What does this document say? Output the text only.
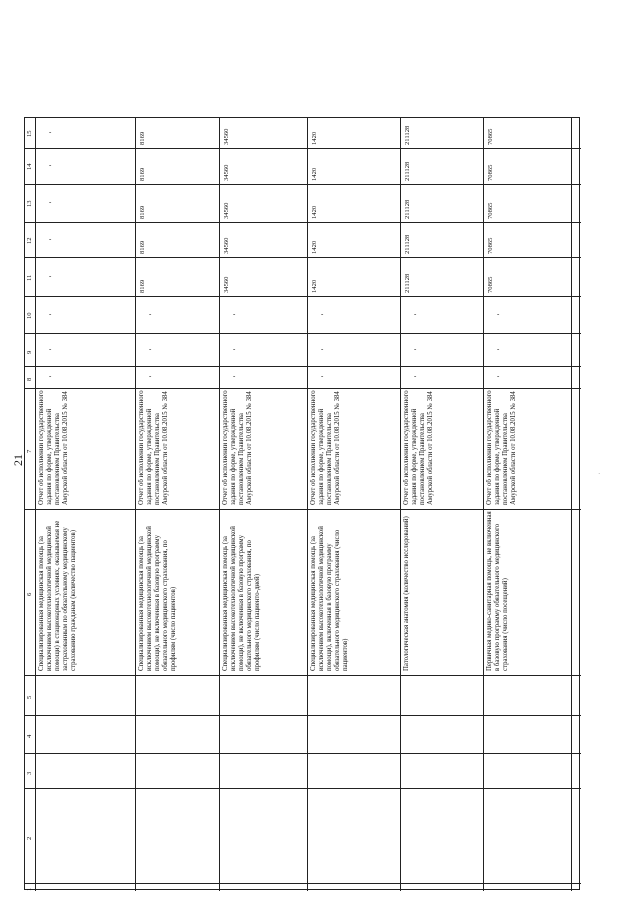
21
1
2
3
4
5
6
7
8
9
10
11
12
13
14
15
Специализированная медицинская помощь (за исключением высокотехнологичной медицинской помощи) в стационарных условиях, оказываемая не застрахованным по обязательному медицинскому страхованию гражданам (количество пациентов)
Отчет об исполнении государственного задания по форме, утвержденной постановлением Правительства Амурской области от 10.08.2015 № 384
-
-
-
-
-
-
-
-
Специализированная медицинская помощь (за исключением высокотехнологичной медицинской помощи), не включенная в базовую программу обязательного медицинского страхования, по профилям (число пациентов)
Отчет об исполнении государственного задания по форме, утвержденной постановлением Правительства Амурской области от 10.08.2015 № 384
-
-
-
8169
8169
8169
8169
8169
Специализированная медицинская помощь (за исключением высокотехнологичной медицинской помощи), не включенная в базовую программу обязательного медицинского страхования, по профилям (число пациенто-дней)
Отчет об исполнении государственного задания по форме, утвержденной постановлением Правительства Амурской области от 10.08.2015 № 384
-
-
-
34560
34560
34560
34560
34560
Специализированная медицинская помощь (за исключением высокотехнологичной медицинской помощи), включенная в базовую программу обязательного медицинского страхования (число пациентов)
Отчет об исполнении государственного задания по форме, утвержденной постановлением Правительства Амурской области от 10.08.2015 № 384
-
-
-
1420
1420
1420
1420
1420
Патологическая анатомия (количество исследований)
Отчет об исполнении государственного задания по форме, утвержденной постановлением Правительства Амурской области от 10.08.2015 № 384
-
-
-
211128
211128
211128
211128
211128
Первичная медико-санитарная помощь, не включенная в базовую программу обязательного медицинского страхования (число посещений)
Отчет об исполнении государственного задания по форме, утвержденной постановлением Правительства Амурской области от 10.08.2015 № 384
-
-
-
70865
70865
70865
70865
70865
·
